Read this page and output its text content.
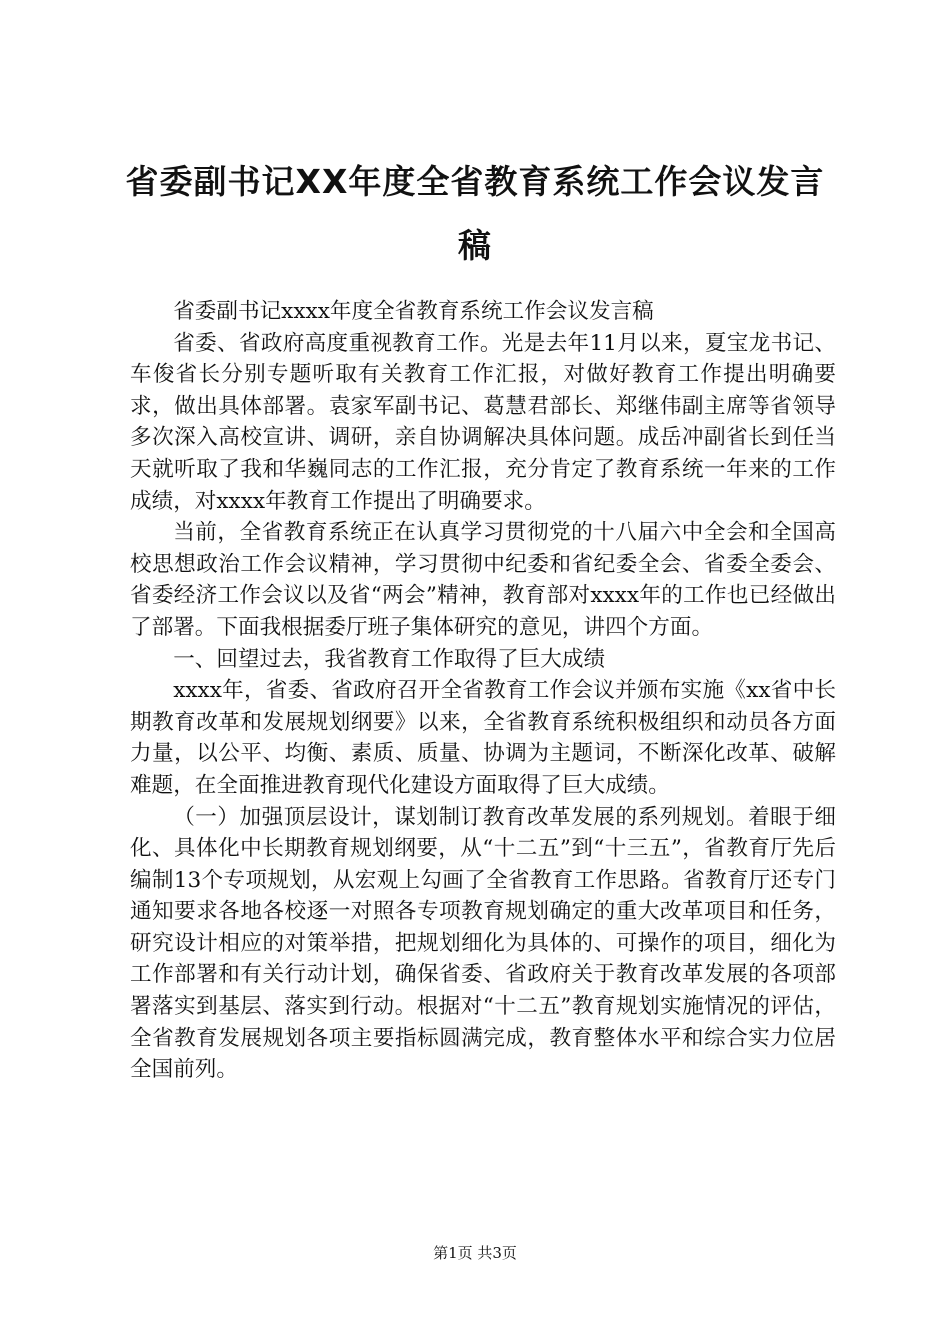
省委副书记XX年度全省教育系统工作会议发言稿

省委副书记xxxx年度全省教育系统工作会议发言稿

省委、省政府高度重视教育工作。光是去年11月以来，夏宝龙书记、车俊省长分别专题听取有关教育工作汇报，对做好教育工作提出明确要求，做出具体部署。袁家军副书记、葛慧君部长、郑继伟副主席等省领导多次深入高校宣讲、调研，亲自协调解决具体问题。成岳冲副省长到任当天就听取了我和华巍同志的工作汇报，充分肯定了教育系统一年来的工作成绩，对xxxx年教育工作提出了明确要求。

当前，全省教育系统正在认真学习贯彻党的十八届六中全会和全国高校思想政治工作会议精神，学习贯彻中纪委和省纪委全会、省委全委会、省委经济工作会议以及省“两会”精神，教育部对xxxx年的工作也已经做出了部署。下面我根据委厅班子集体研究的意见，讲四个方面。

一、回望过去，我省教育工作取得了巨大成绩

xxxx年，省委、省政府召开全省教育工作会议并颁布实施《xx省中长期教育改革和发展规划纲要》以来，全省教育系统积极组织和动员各方面力量，以公平、均衡、素质、质量、协调为主题词，不断深化改革、破解难题，在全面推进教育现代化建设方面取得了巨大成绩。

（一）加强顶层设计，谋划制订教育改革发展的系列规划。着眼于细化、具体化中长期教育规划纲要，从“十二五”到“十三五”，省教育厅先后编制13个专项规划，从宏观上勾画了全省教育工作思路。省教育厅还专门通知要求各地各校逐一对照各专项教育规划确定的重大改革项目和任务，研究设计相应的对策举措，把规划细化为具体的、可操作的项目，细化为工作部署和有关行动计划，确保省委、省政府关于教育改革发展的各项部署落实到基层、落实到行动。根据对“十二五”教育规划实施情况的评估，全省教育发展规划各项主要指标圆满完成，教育整体水平和综合实力位居全国前列。

第1页 共3页
